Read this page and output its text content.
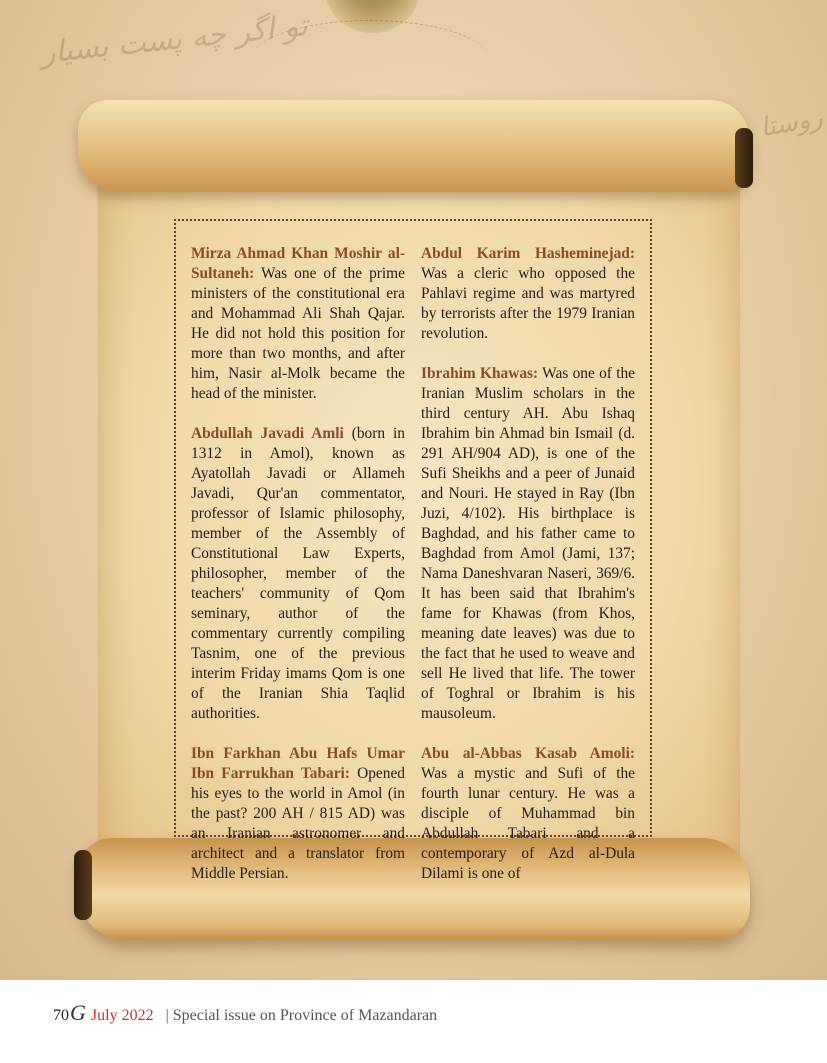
تو اگر چه پست بسیار
روستا

Mirza Ahmad Khan Moshir al-Sultaneh: Was one of the prime ministers of the constitutional era and Mohammad Ali Shah Qajar. He did not hold this position for more than two months, and after him, Nasir al-Molk became the head of the minister.

Abdullah Javadi Amli (born in 1312 in Amol), known as Ayatollah Javadi or Allameh Javadi, Qur'an commentator, professor of Islamic philosophy, member of the Assembly of Constitutional Law Experts, philosopher, member of the teachers' community of Qom seminary, author of the commentary currently compiling Tasnim, one of the previous interim Friday imams Qom is one of the Iranian Shia Taqlid authorities.

Ibn Farkhan Abu Hafs Umar Ibn Farrukhan Tabari: Opened his eyes to the world in Amol (in the past? 200 AH / 815 AD) was an Iranian astronomer and architect and a translator from Middle Persian.

Abdul Karim Hasheminejad: Was a cleric who opposed the Pahlavi regime and was martyred by terrorists after the 1979 Iranian revolution.

Ibrahim Khawas: Was one of the Iranian Muslim scholars in the third century AH. Abu Ishaq Ibrahim bin Ahmad bin Ismail (d. 291 AH/904 AD), is one of the Sufi Sheikhs and a peer of Junaid and Nouri. He stayed in Ray (Ibn Juzi, 4/102). His birthplace is Baghdad, and his father came to Baghdad from Amol (Jami, 137; Nama Daneshvaran Naseri, 369/6. It has been said that Ibrahim's fame for Khawas (from Khos, meaning date leaves) was due to the fact that he used to weave and sell He lived that life. The tower of Toghral or Ibrahim is his mausoleum.

Abu al-Abbas Kasab Amoli: Was a mystic and Sufi of the fourth lunar century. He was a disciple of Muhammad bin Abdullah Tabari and a contemporary of Azd al-Dula Dilami is one of

70G July 2022 | Special issue on Province of Mazandaran
